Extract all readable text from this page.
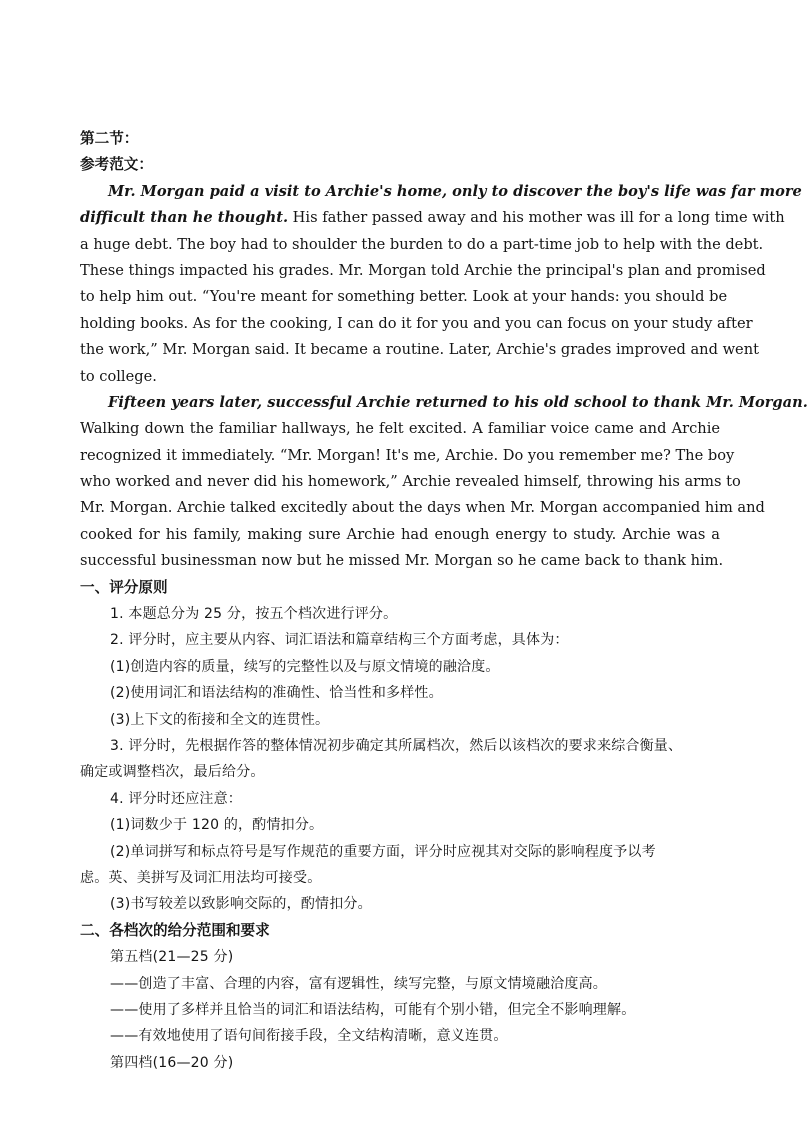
第二节：
参考范文：
Mr. Morgan paid a visit to Archie's home, only to discover the boy's life was far more
difficult than he thought. His father passed away and his mother was ill for a long time with
a huge debt. The boy had to shoulder the burden to do a part-time job to help with the debt.
These things impacted his grades. Mr. Morgan told Archie the principal's plan and promised
to help him out. “You're meant for something better. Look at your hands: you should be
holding books. As for the cooking, I can do it for you and you can focus on your study after
the work,” Mr. Morgan said. It became a routine. Later, Archie's grades improved and went
to college.
Fifteen years later, successful Archie returned to his old school to thank Mr. Morgan.
Walking down the familiar hallways, he felt excited. A familiar voice came and Archie
recognized it immediately. “Mr. Morgan! It's me, Archie. Do you remember me? The boy
who worked and never did his homework,” Archie revealed himself, throwing his arms to
Mr. Morgan. Archie talked excitedly about the days when Mr. Morgan accompanied him and
cooked for his family, making sure Archie had enough energy to study. Archie was a
successful businessman now but he missed Mr. Morgan so he came back to thank him.
一、评分原则
1. 本题总分为 25 分，按五个档次进行评分。
2. 评分时，应主要从内容、词汇语法和篇章结构三个方面考虑，具体为：
(1)创造内容的质量，续写的完整性以及与原文情境的融洽度。
(2)使用词汇和语法结构的准确性、恰当性和多样性。
(3)上下文的衔接和全文的连贯性。
3. 评分时，先根据作答的整体情况初步确定其所属档次，然后以该档次的要求来综合衡量、
确定或调整档次，最后给分。
4. 评分时还应注意：
(1)词数少于 120 的，酌情扣分。
(2)单词拼写和标点符号是写作规范的重要方面，评分时应视其对交际的影响程度予以考
虑。英、美拼写及词汇用法均可接受。
(3)书写较差以致影响交际的，酌情扣分。
二、各档次的给分范围和要求
第五档(21—25 分)
——创造了丰富、合理的内容，富有逻辑性，续写完整，与原文情境融洽度高。
——使用了多样并且恰当的词汇和语法结构，可能有个别小错，但完全不影响理解。
——有效地使用了语句间衔接手段，全文结构清晰，意义连贯。
第四档(16—20 分)
